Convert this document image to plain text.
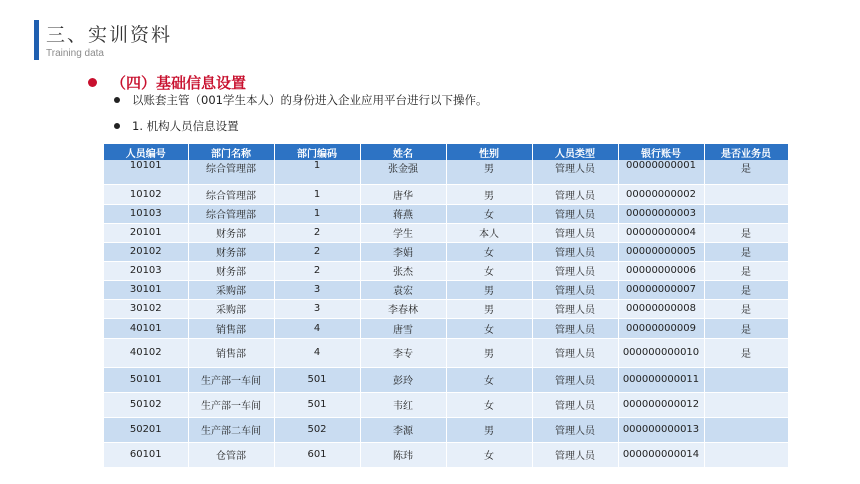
三、实训资料
Training data
（四）基础信息设置
以账套主管（001学生本人）的身份进入企业应用平台进行以下操作。
1. 机构人员信息设置
人员编号	部门名称	部门编码	姓名	性别	人员类型	银行账号	是否业务员
10101	综合管理部	1	张金强	男	管理人员	00000000001	是
10102	综合管理部	1	唐华	男	管理人员	00000000002	
10103	综合管理部	1	蒋燕	女	管理人员	00000000003	
20101	财务部	2	学生	本人	管理人员	00000000004	是
20102	财务部	2	李娟	女	管理人员	00000000005	是
20103	财务部	2	张杰	女	管理人员	00000000006	是
30101	采购部	3	袁宏	男	管理人员	00000000007	是
30102	采购部	3	李春林	男	管理人员	00000000008	是
40101	销售部	4	唐雪	女	管理人员	00000000009	是
40102	销售部	4	李专	男	管理人员	000000000010	是
50101	生产部一车间	501	彭玲	女	管理人员	000000000011	
50102	生产部一车间	501	韦红	女	管理人员	000000000012	
50201	生产部二车间	502	李源	男	管理人员	000000000013	
60101	仓管部	601	陈玮	女	管理人员	000000000014	
